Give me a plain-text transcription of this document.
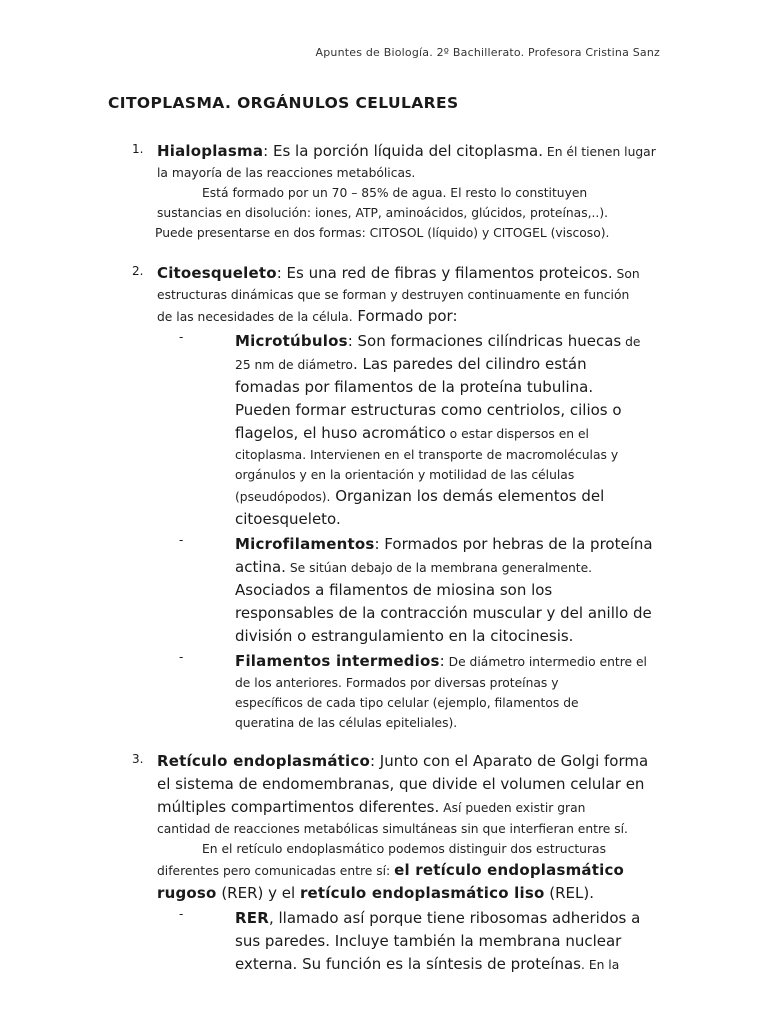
Apuntes de Biología. 2º Bachillerato. Profesora Cristina Sanz
CITOPLASMA. ORGÁNULOS CELULARES
1. Hialoplasma: Es la porción líquida del citoplasma. En él tienen lugar
la mayoría de las reacciones metabólicas.
Está formado por un 70 – 85% de agua. El resto lo constituyen
sustancias en disolución: iones, ATP, aminoácidos, glúcidos, proteínas,..).
Puede presentarse en dos formas: CITOSOL (líquido) y CITOGEL (viscoso).
2. Citoesqueleto: Es una red de fibras y filamentos proteicos. Son
estructuras dinámicas que se forman y destruyen continuamente en función
de las necesidades de la célula. Formado por:
-	Microtúbulos: Son formaciones cilíndricas huecas de
25 nm de diámetro. Las paredes del cilindro están
fomadas por filamentos de la proteína tubulina.
Pueden formar estructuras como centriolos, cilios o
flagelos, el huso acromático o estar dispersos en el
citoplasma. Intervienen en el transporte de macromoléculas y
orgánulos y en la orientación y motilidad de las células
(pseudópodos). Organizan los demás elementos del
citoesqueleto.
-	Microfilamentos: Formados por hebras de la proteína
actina. Se sitúan debajo de la membrana generalmente.
Asociados a filamentos de miosina son los
responsables de la contracción muscular y del anillo de
división o estrangulamiento en la citocinesis.
-	Filamentos intermedios: De diámetro intermedio entre el
de los anteriores. Formados por diversas proteínas y
específicos de cada tipo celular (ejemplo, filamentos de
queratina de las células epiteliales).
3. Retículo endoplasmático: Junto con el Aparato de Golgi forma
el sistema de endomembranas, que divide el volumen celular en
múltiples compartimentos diferentes. Así pueden existir gran
cantidad de reacciones metabólicas simultáneas sin que interfieran entre sí.
En el retículo endoplasmático podemos distinguir dos estructuras
diferentes pero comunicadas entre sí: el retículo endoplasmático
rugoso (RER) y el retículo endoplasmático liso (REL).
-	RER, llamado así porque tiene ribosomas adheridos a
sus paredes. Incluye también la membrana nuclear
externa. Su función es la síntesis de proteínas. En la
